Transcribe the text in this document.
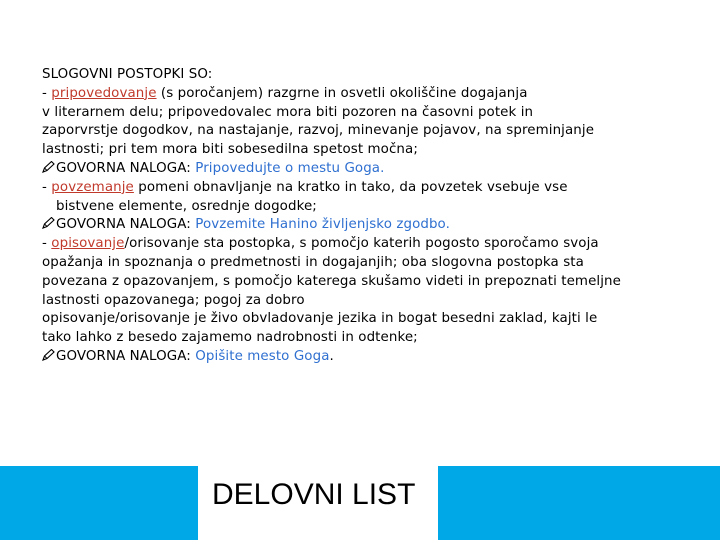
SLOGOVNI POSTOPKI SO:
- pripovedovanje (s poročanjem) razgrne in osvetli okoliščine dogajanja
v literarnem delu; pripovedovalec mora biti pozoren na časovni potek in
zaporvrstje dogodkov, na nastajanje, razvoj, minevanje pojavov, na spreminjanje
lastnosti; pri tem mora biti sobesedilna spetost močna;
GOVORNA NALOGA: Pripovedujte o mestu Goga.
- povzemanje pomeni obnavljanje na kratko in tako, da povzetek vsebuje vse
bistvene elemente, osrednje dogodke;
GOVORNA NALOGA: Povzemite Hanino življenjsko zgodbo.
- opisovanje/orisovanje sta postopka, s pomočjo katerih pogosto sporočamo svoja
opažanja in spoznanja o predmetnosti in dogajanjih; oba slogovna postopka sta
povezana z opazovanjem, s pomočjo katerega skušamo videti in prepoznati temeljne
lastnosti opazovanega; pogoj za dobro
opisovanje/orisovanje je živo obvladovanje jezika in bogat besedni zaklad, kajti le
tako lahko z besedo zajamemo nadrobnosti in odtenke;
GOVORNA NALOGA: Opišite mesto Goga.
DELOVNI LIST
